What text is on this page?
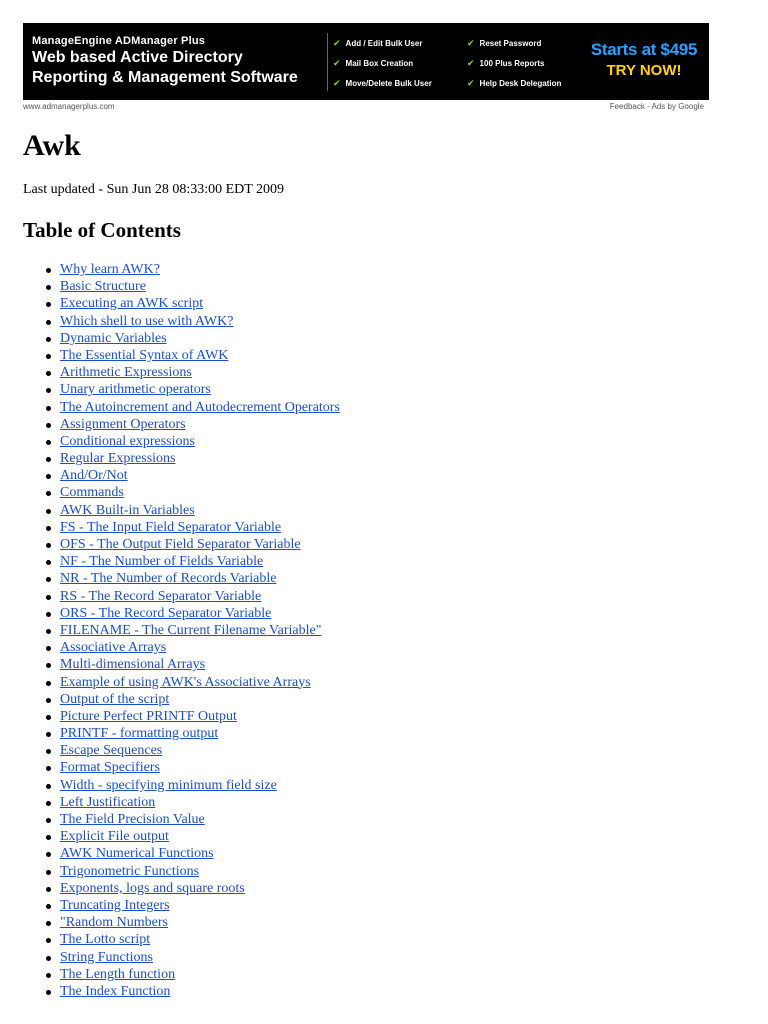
ManageEngine ADManager Plus
Web based Active Directory
Reporting & Management Software
✔ Add / Edit Bulk User	✔ Reset Password
✔ Mail Box Creation	✔ 100 Plus Reports
✔ Move/Delete Bulk User	✔ Help Desk Delegation
Starts at $495
TRY NOW!
www.admanagerplus.com	Feedback - Ads by Google
Awk
Last updated - Sun Jun 28 08:33:00 EDT 2009
Table of Contents
Why learn AWK?
Basic Structure
Executing an AWK script
Which shell to use with AWK?
Dynamic Variables
The Essential Syntax of AWK
Arithmetic Expressions
Unary arithmetic operators
The Autoincrement and Autodecrement Operators
Assignment Operators
Conditional expressions
Regular Expressions
And/Or/Not
Commands
AWK Built-in Variables
FS - The Input Field Separator Variable
OFS - The Output Field Separator Variable
NF - The Number of Fields Variable
NR - The Number of Records Variable
RS - The Record Separator Variable
ORS - The Record Separator Variable
FILENAME - The Current Filename Variable"
Associative Arrays
Multi-dimensional Arrays
Example of using AWK's Associative Arrays
Output of the script
Picture Perfect PRINTF Output
PRINTF - formatting output
Escape Sequences
Format Specifiers
Width - specifying minimum field size
Left Justification
The Field Precision Value
Explicit File output
AWK Numerical Functions
Trigonometric Functions
Exponents, logs and square roots
Truncating Integers
"Random Numbers
The Lotto script
String Functions
The Length function
The Index Function
